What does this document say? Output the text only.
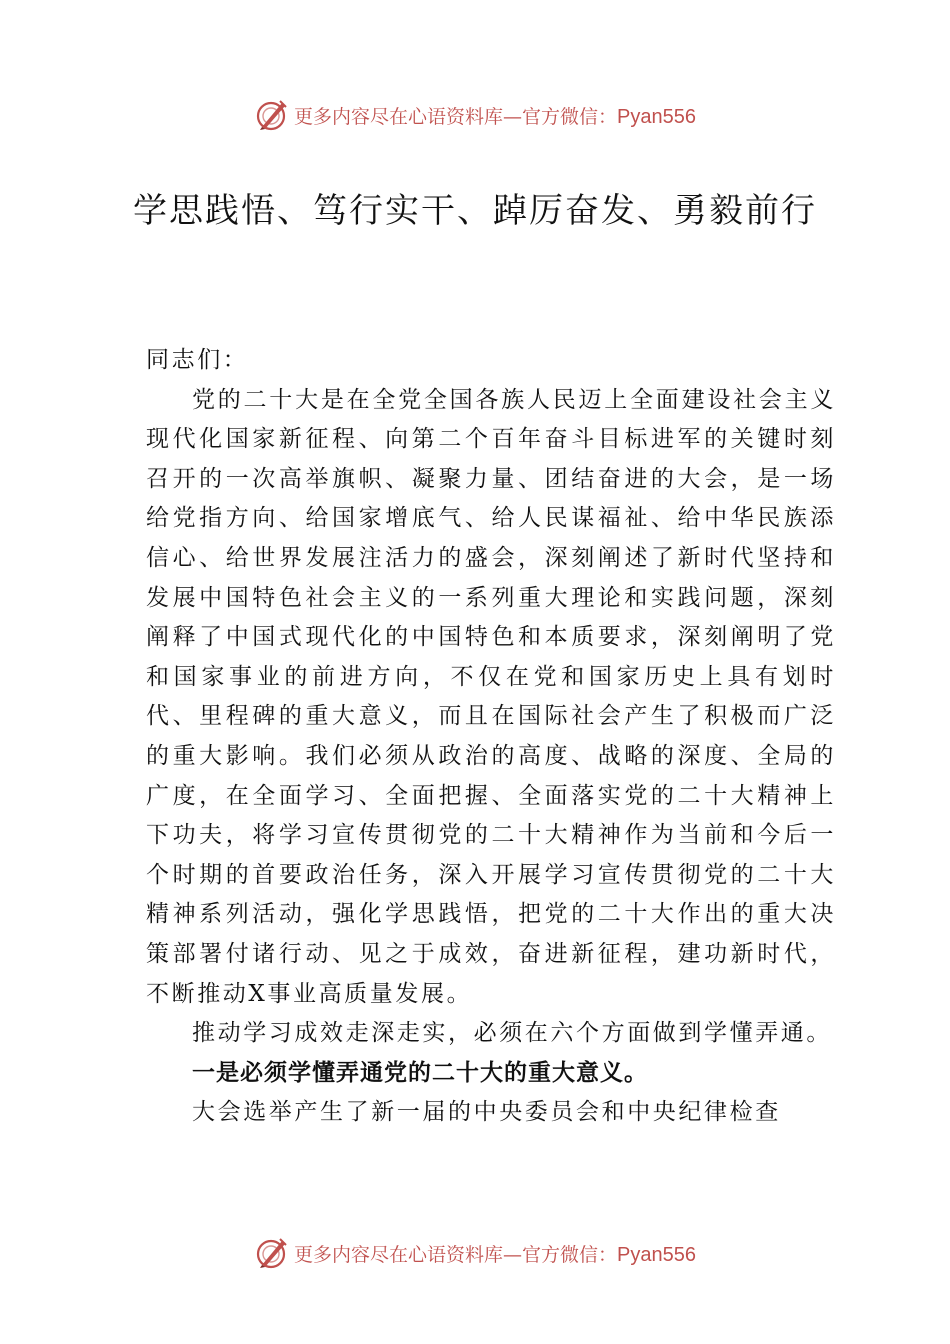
更多内容尽在心语资料库—官方微信：Pyan556
学思践悟、笃行实干、踔厉奋发、勇毅前行

同志们：

党的二十大是在全党全国各族人民迈上全面建设社会主义现代化国家新征程、向第二个百年奋斗目标进军的关键时刻召开的一次高举旗帜、凝聚力量、团结奋进的大会，是一场给党指方向、给国家增底气、给人民谋福祉、给中华民族添信心、给世界发展注活力的盛会，深刻阐述了新时代坚持和发展中国特色社会主义的一系列重大理论和实践问题，深刻阐释了中国式现代化的中国特色和本质要求，深刻阐明了党和国家事业的前进方向，不仅在党和国家历史上具有划时代、里程碑的重大意义，而且在国际社会产生了积极而广泛的重大影响。我们必须从政治的高度、战略的深度、全局的广度，在全面学习、全面把握、全面落实党的二十大精神上下功夫，将学习宣传贯彻党的二十大精神作为当前和今后一个时期的首要政治任务，深入开展学习宣传贯彻党的二十大精神系列活动，强化学思践悟，把党的二十大作出的重大决策部署付诸行动、见之于成效，奋进新征程，建功新时代，不断推动X事业高质量发展。

推动学习成效走深走实，必须在六个方面做到学懂弄通。

一是必须学懂弄通党的二十大的重大意义。

大会选举产生了新一届的中央委员会和中央纪律检查

更多内容尽在心语资料库—官方微信：Pyan556
